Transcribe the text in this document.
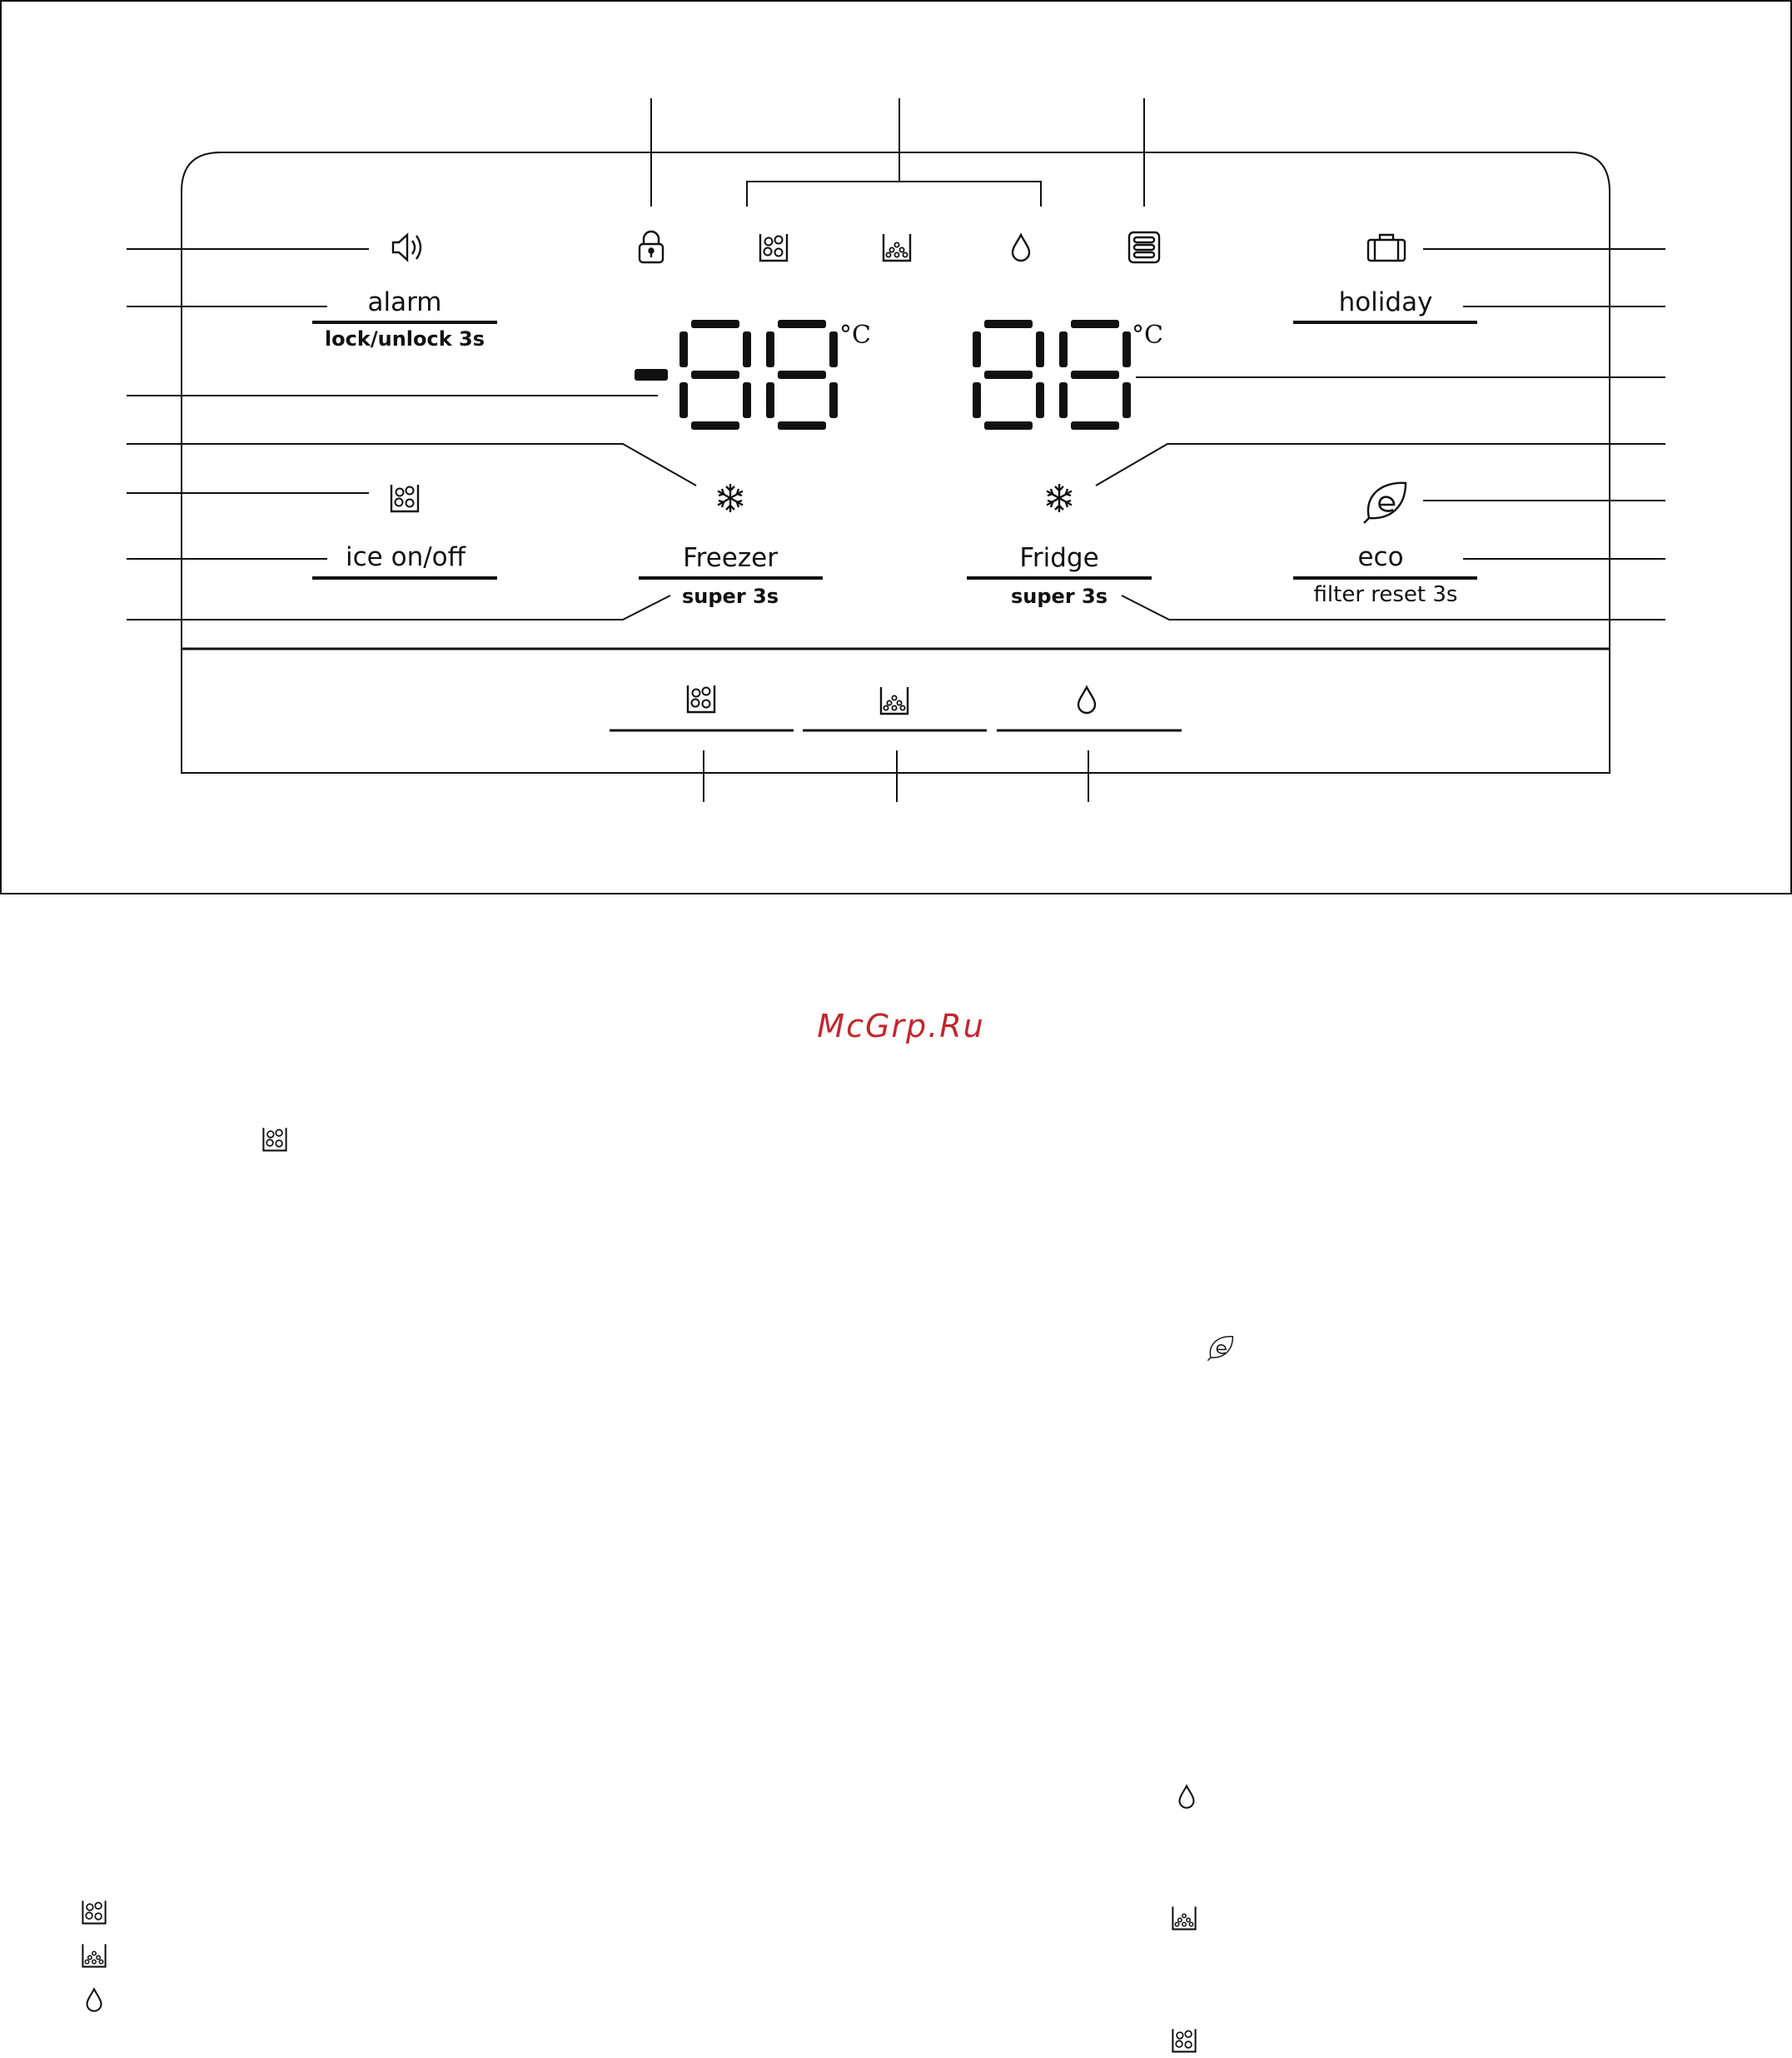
alarm
lock/unlock 3s
holiday
ice on/off	Freezer
super 3s
Fridge
super 3s
eco
filter reset 3s
°C	°C
McGrp.Ru
